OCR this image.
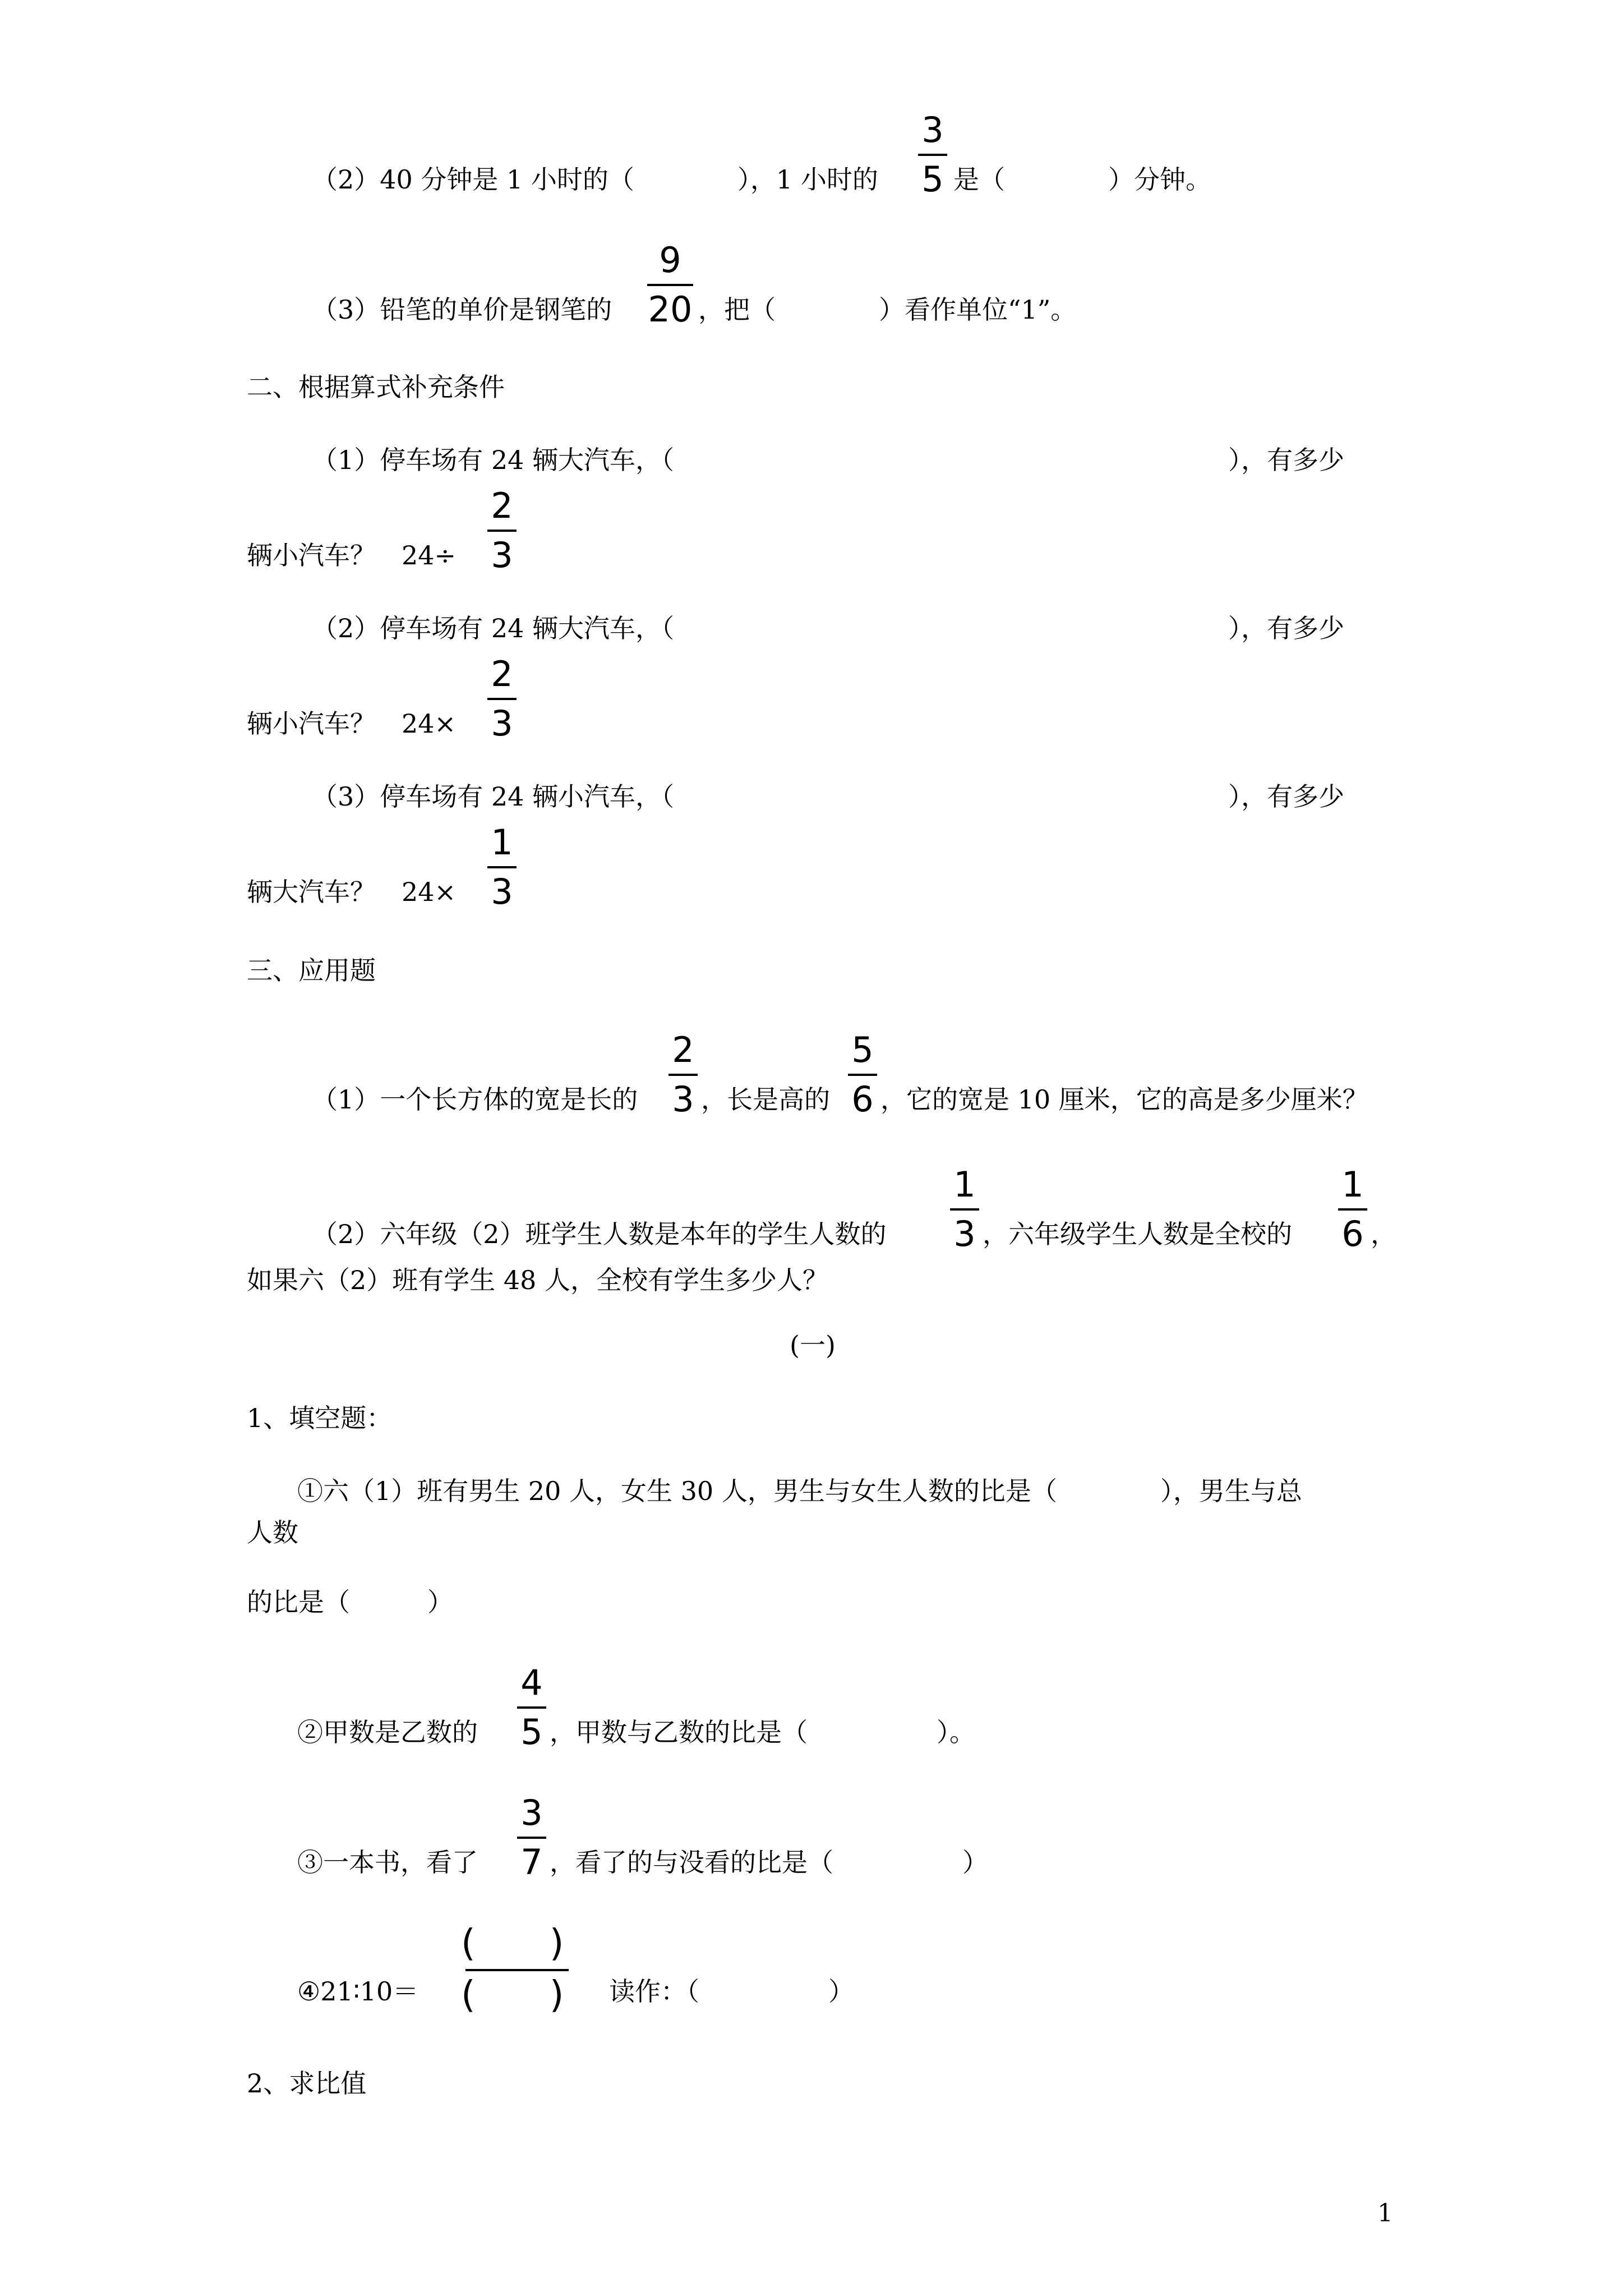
（2）40 分钟是 1 小时的（　　　　），1 小时的
3
5 是（　　　　）分钟。
（3）铅笔的单价是钢笔的
9
20 ，把（　　　　）看作单位“1”。
二、根据算式补充条件
（1）停车场有 24 辆大汽车，（	），有多少
辆小汽车？　24÷
2
3
（2）停车场有 24 辆大汽车，（	），有多少
辆小汽车？　24×
2
3
（3）停车场有 24 辆小汽车，（	），有多少
辆大汽车？　24×
1
3
三、应用题
（1）一个长方体的宽是长的
2
3 ，长是高的
5
6 ，它的宽是 10 厘米，它的高是多少厘米？
（2）六年级（2）班学生人数是本年的学生人数的
1
3 ，六年级学生人数是全校的
1
6 ，
如果六（2）班有学生 48 人，全校有学生多少人？
(一)
1、填空题：
①六（1）班有男生 20 人，女生 30 人，男生与女生人数的比是（　　　　），男生与总
人数
的比是（　　　）
②甲数是乙数的
4
5 ，甲数与乙数的比是（　　　　　）。
③一本书，看了
3
7 ，看了的与没看的比是（　　　　　）
④21∶10＝

(　　)

(　　) 读作：（　　　　　）
2、求比值
1
